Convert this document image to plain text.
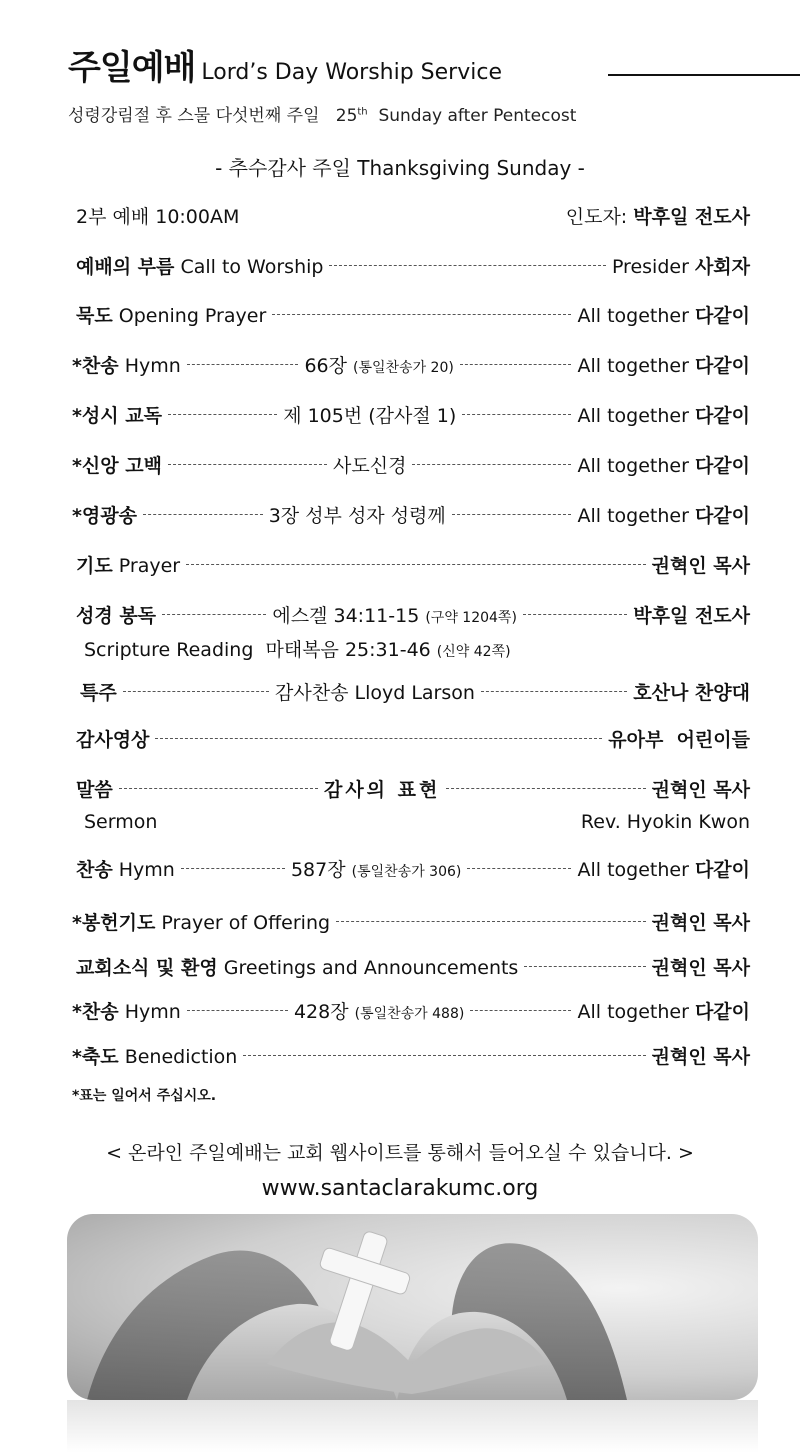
주일예배 Lord’s Day Worship Service
성령강림절 후 스물 다섯번째 주일 25th Sunday after Pentecost
- 추수감사 주일 Thanksgiving Sunday -
2부 예배 10:00AM	인도자: 박후일 전도사
예배의 부름 Call to Worship	Presider 사회자
묵도 Opening Prayer	All together 다같이
*찬송 Hymn	66장 (통일찬송가 20)	All together 다같이
*성시 교독	제 105번 (감사절 1)	All together 다같이
*신앙 고백	사도신경	All together 다같이
*영광송	3장 성부 성자 성령께	All together 다같이
기도 Prayer	권혁인 목사
성경 봉독	에스겔 34:11-15 (구약 1204쪽)	박후일 전도사
Scripture Reading 마태복음 25:31-46 (신약 42쪽)
특주	감사찬송 Lloyd Larson	호산나 찬양대
감사영상	유아부  어린이들
말씀	감사의 표현	권혁인 목사
Sermon	Rev. Hyokin Kwon
찬송 Hymn	587장 (통일찬송가 306)	All together 다같이
*봉헌기도 Prayer of Offering	권혁인 목사
교회소식 및 환영 Greetings and Announcements	권혁인 목사
*찬송 Hymn	428장 (통일찬송가 488)	All together 다같이
*축도 Benediction	권혁인 목사
*표는 일어서 주십시오.
< 온라인 주일예배는 교회 웹사이트를 통해서 들어오실 수 있습니다. >
www.santaclarakumc.org
